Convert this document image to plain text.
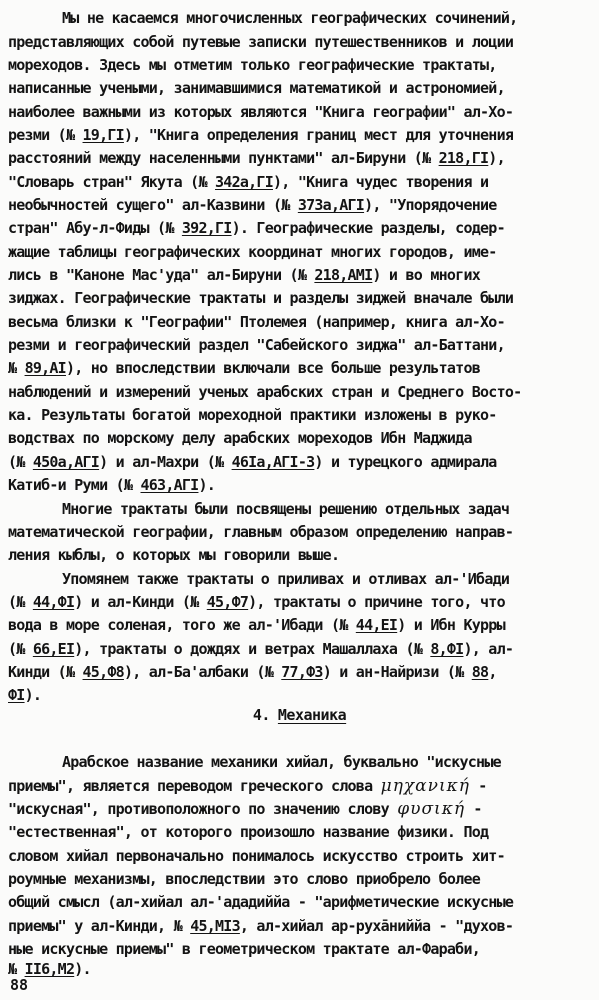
Мы не касаемся многочисленных географических сочинений,
представляющих собой путевые записки путешественников и лоции
мореходов. Здесь мы отметим только географические трактаты,
написанные учеными, занимавшимися математикой и астрономией,
наиболее важными из которых являются "Книга географии" ал-Хо-
резми (№ 19,ГI), "Книга определения границ мест для уточнения
расстояний между населенными пунктами" ал-Бируни (№ 218,ГI),
"Словарь стран" Якута (№ 342а,ГI), "Книга чудес творения и
необычностей сущего" ал-Казвини (№ 373а,АГI), "Упорядочение
стран" Абу-л-Фиды (№ 392,ГI). Географические разделы, содер-
жащие таблицы географических координат многих городов, име-
лись в "Каноне Мас'уда" ал-Бируни (№ 218,AMI) и во многих
зиджах. Географические трактаты и разделы зиджей вначале были
весьма близки к "Географии" Птолемея (например, книга ал-Хо-
резми и географический раздел "Сабейского зиджа" ал-Баттани,
№ 89,AI), но впоследствии включали все больше результатов
наблюдений и измерений ученых арабских стран и Среднего Восто-
ка. Результаты богатой мореходной практики изложены в руко-
водствах по морскому делу арабских мореходов Ибн Маджида
(№ 450а,АГI) и ал-Махри (№ 46Iа,АГI-3) и турецкого адмирала
Катиб-и Руми (№ 463,АГI).
Многие трактаты были посвящены решению отдельных задач
математической географии, главным образом определению направ-
ления кыблы, о которых мы говорили выше.
Упомянем также трактаты о приливах и отливах ал-'Ибади
(№ 44,ФI) и ал-Кинди (№ 45,Ф7), трактаты о причине того, что
вода в море соленая, того же ал-'Ибади (№ 44,ЕI) и Ибн Курры
(№ 66,ЕI), трактаты о дождях и ветрах Машаллаха (№ 8,ФI), ал-
Кинди (№ 45,Ф8), ал-Ба'албаки (№ 77,Ф3) и ан-Найризи (№ 88,
ФI).
4. Механика
Арабское название механики хийал, буквально "искусные
приемы", является переводом греческого слова μηχανική -
"искусная", противоположного по значению слову φυσική -
"естественная", от которого произошло название физики. Под
словом хийал первоначально понималось искусство строить хит-
роумные механизмы, впоследствии это слово приобрело более
общий смысл (ал-хийал ал-'ададиййа - "арифметические искусные
приемы" у ал-Кинди, № 45,МI3, ал-хийал ар-рухāниййа - "духов-
ные искусные приемы" в геометрическом трактате ал-Фараби,
№ II6,M2).
88
